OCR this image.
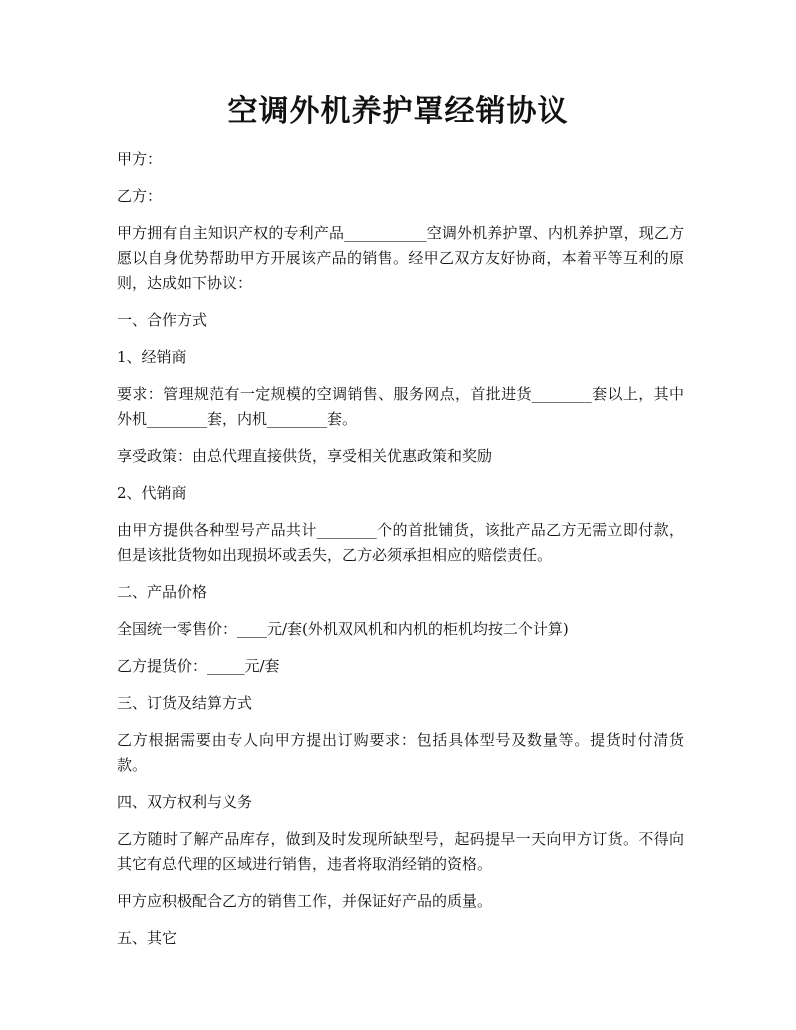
空调外机养护罩经销协议

甲方：

乙方：

甲方拥有自主知识产权的专利产品___________空调外机养护罩、内机养护罩，现乙方愿以自身优势帮助甲方开展该产品的销售。经甲乙双方友好协商，本着平等互利的原则，达成如下协议：

一、合作方式

1、经销商

要求：管理规范有一定规模的空调销售、服务网点，首批进货________套以上，其中外机________套，内机________套。

享受政策：由总代理直接供货，享受相关优惠政策和奖励

2、代销商

由甲方提供各种型号产品共计________个的首批铺货，该批产品乙方无需立即付款，但是该批货物如出现损坏或丢失，乙方必须承担相应的赔偿责任。

二、产品价格

全国统一零售价：____元/套(外机双风机和内机的柜机均按二个计算)

乙方提货价：_____元/套

三、订货及结算方式

乙方根据需要由专人向甲方提出订购要求：包括具体型号及数量等。提货时付清货款。

四、双方权利与义务

乙方随时了解产品库存，做到及时发现所缺型号，起码提早一天向甲方订货。不得向其它有总代理的区域进行销售，违者将取消经销的资格。

甲方应积极配合乙方的销售工作，并保证好产品的质量。

五、其它
